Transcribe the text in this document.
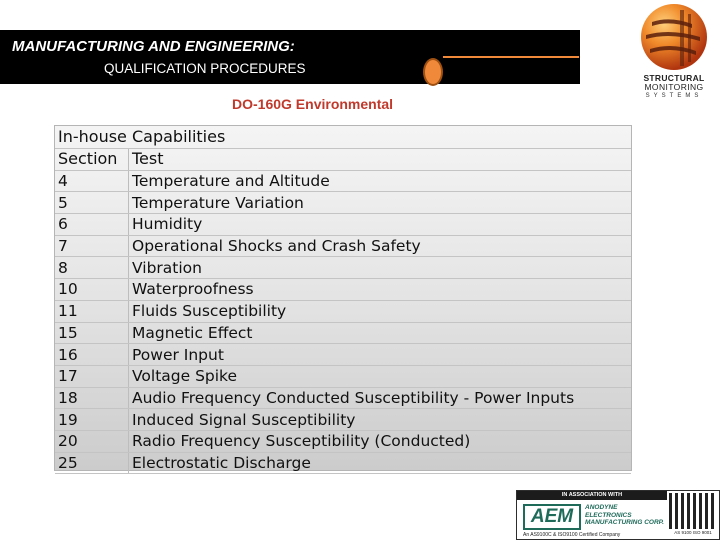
MANUFACTURING AND ENGINEERING:
QUALIFICATION PROCEDURES
STRUCTURAL
MONITORING
SYSTEMS
DO-160G Environmental
In-house Capabilities
Section	Test
4	Temperature and Altitude
5	Temperature Variation
6	Humidity
7	Operational Shocks and Crash Safety
8	Vibration
10	Waterproofness
11	Fluids Susceptibility
15	Magnetic Effect
16	Power Input
17	Voltage Spike
18	Audio Frequency Conducted Susceptibility - Power Inputs
19	Induced Signal Susceptibility
20	Radio Frequency Susceptibility (Conducted)
25	Electrostatic Discharge
IN ASSOCIATION WITH
AEM	ANODYNE
ELECTRONICS
MANUFACTURING CORP.
An AS9100C & ISO9100 Certified Company	AS 9100 ISO 9001
